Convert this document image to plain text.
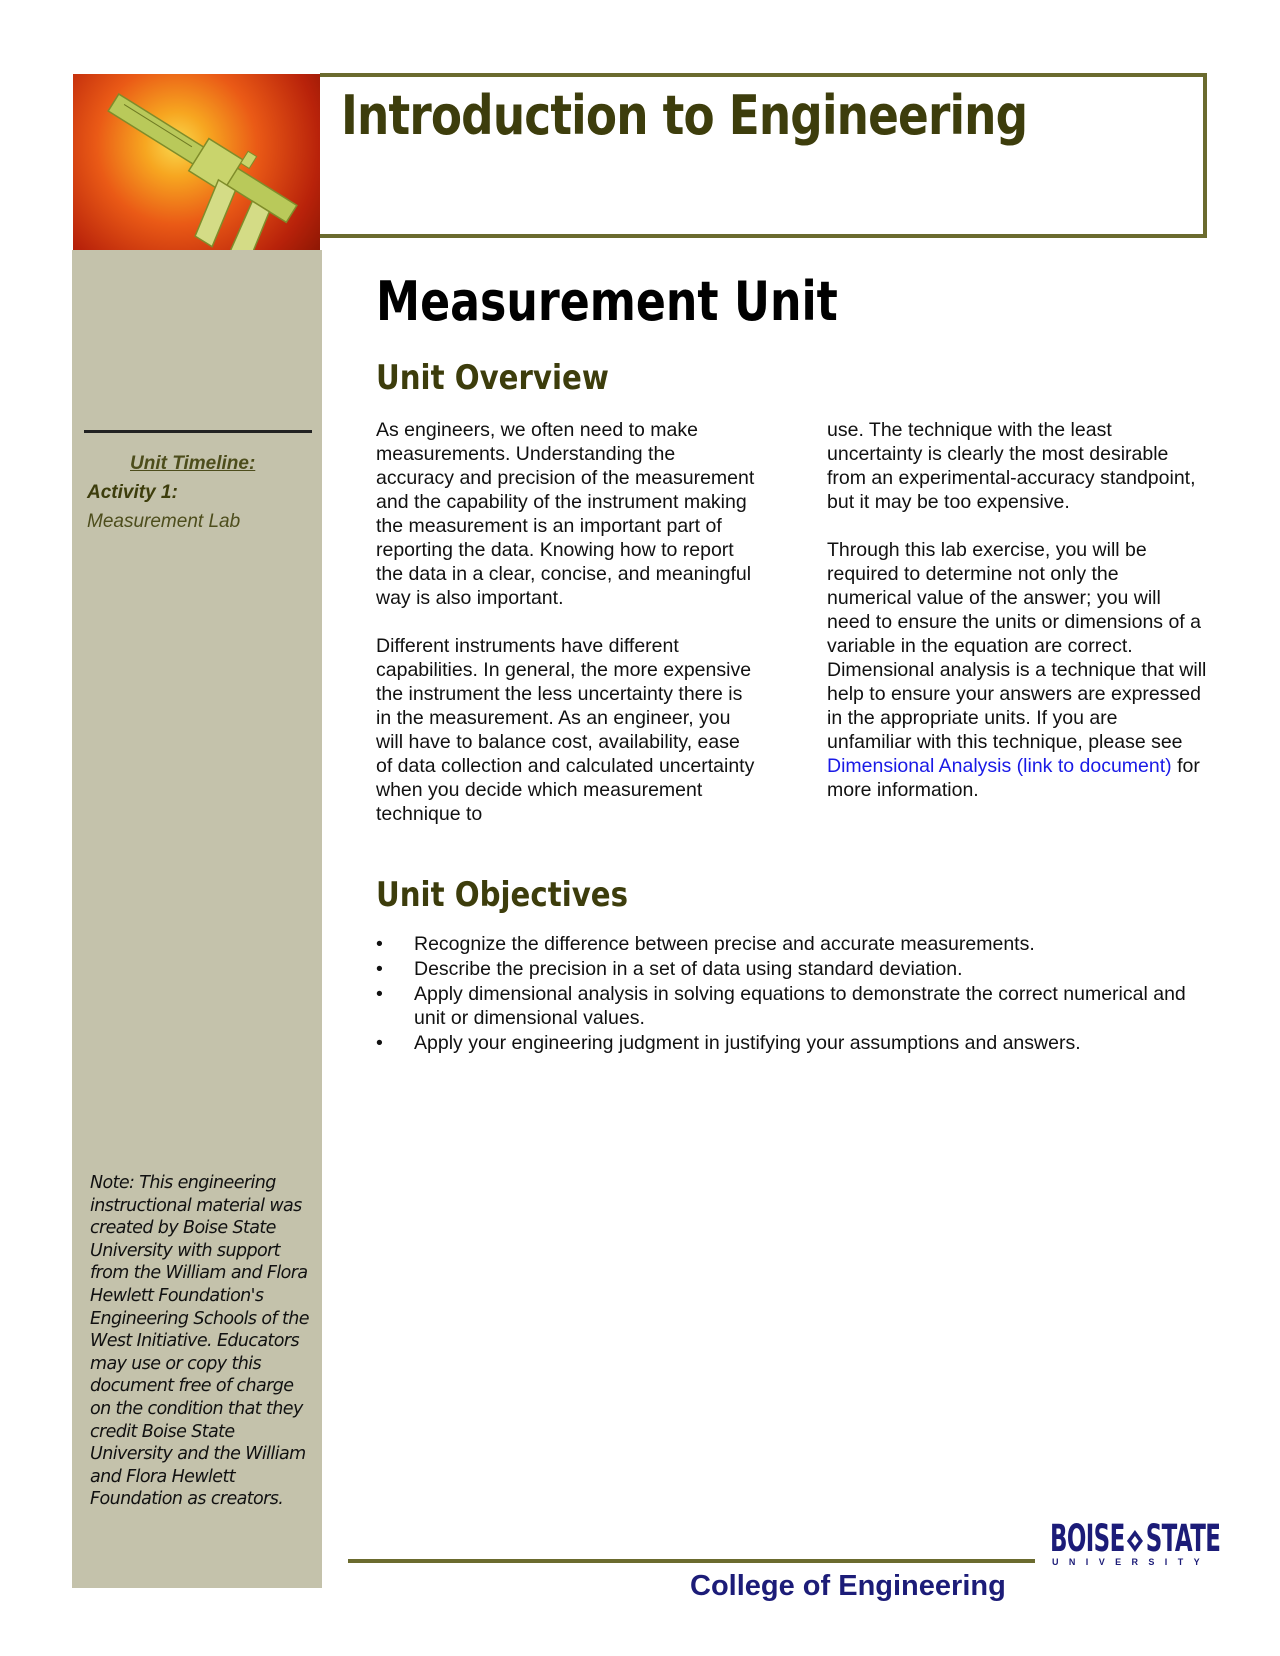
Introduction to Engineering
Measurement Unit
Unit Overview

As engineers, we often need to make measurements. Understanding the accuracy and precision of the measurement and the capability of the instrument making the measurement is an important part of reporting the data. Knowing how to report the data in a clear, concise, and meaningful way is also important.

Different instruments have different capabilities. In general, the more expensive the instrument the less uncertainty there is in the measurement. As an engineer, you will have to balance cost, availability, ease of data collection and calculated uncertainty when you decide which measurement technique to

use. The technique with the least uncertainty is clearly the most desirable from an experimental-accuracy standpoint, but it may be too expensive.

Through this lab exercise, you will be required to determine not only the numerical value of the answer; you will need to ensure the units or dimensions of a variable in the equation are correct. Dimensional analysis is a technique that will help to ensure your answers are expressed in the appropriate units. If you are unfamiliar with this technique, please see Dimensional Analysis (link to document) for more information.

Unit Objectives
• Recognize the difference between precise and accurate measurements.
• Describe the precision in a set of data using standard deviation.
• Apply dimensional analysis in solving equations to demonstrate the correct numerical and unit or dimensional values.
• Apply your engineering judgment in justifying your assumptions and answers.
Unit Timeline:
Activity 1:
Measurement Lab
Note: This engineering instructional material was created by Boise State University with support from the William and Flora Hewlett Foundation's Engineering Schools of the West Initiative. Educators may use or copy this document free of charge on the condition that they credit Boise State University and the William and Flora Hewlett Foundation as creators.
College of Engineering
BOISE STATE
UNIVERSITY
